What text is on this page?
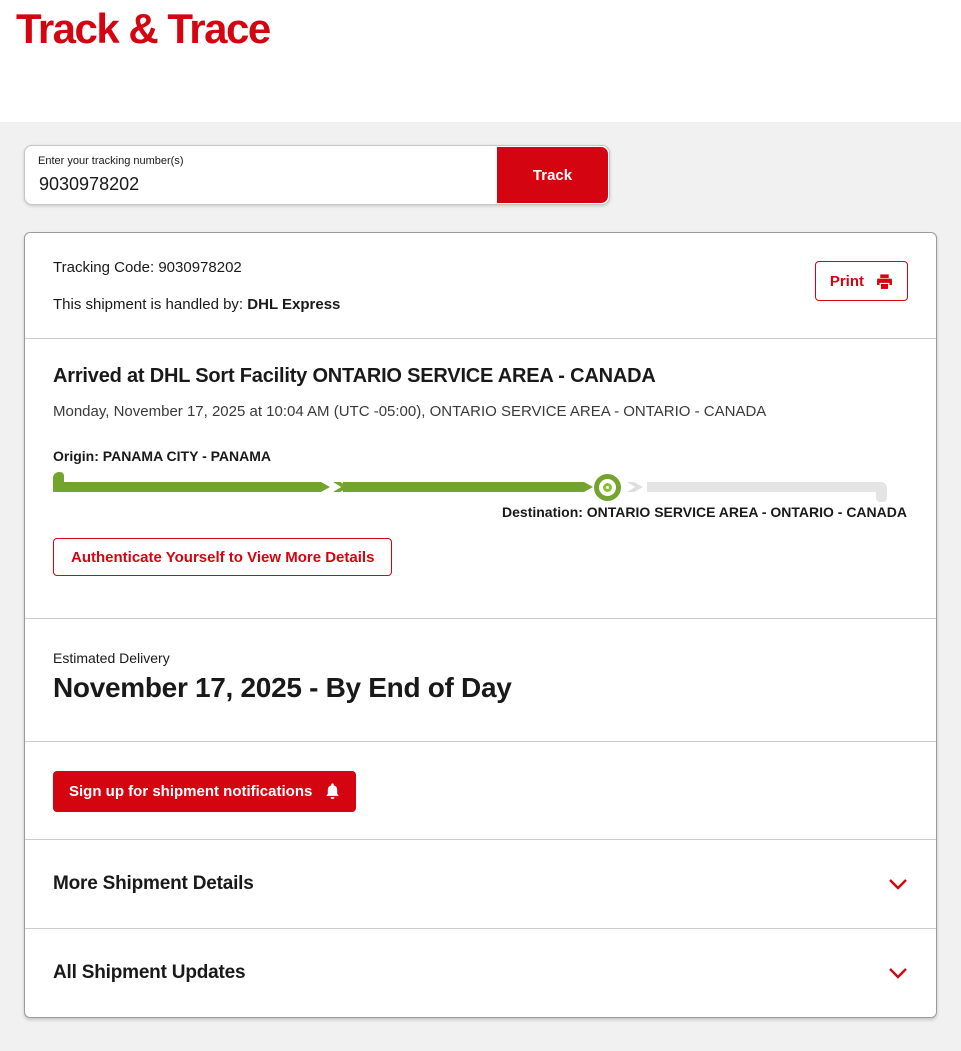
Track & Trace
Enter your tracking number(s)
9030978202
Track

Tracking Code: 9030978202

This shipment is handled by: DHL Express

Print
Arrived at DHL Sort Facility ONTARIO SERVICE AREA - CANADA

Monday, November 17, 2025 at 10:04 AM (UTC -05:00), ONTARIO SERVICE AREA - ONTARIO - CANADA

Origin: PANAMA CITY - PANAMA

Destination: ONTARIO SERVICE AREA - ONTARIO - CANADA

Authenticate Yourself to View More Details

Estimated Delivery

November 17, 2025 - By End of Day

Sign up for shipment notifications
More Shipment Details
All Shipment Updates
